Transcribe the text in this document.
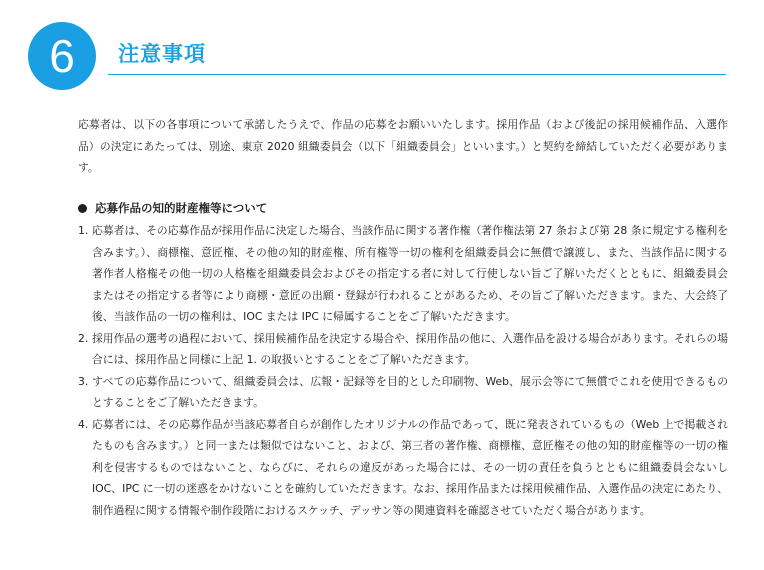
6	注意事項

応募者は、以下の各事項について承諾したうえで、作品の応募をお願いいたします。採用作品（および後記の採用候補作品、入選作品）の決定にあたっては、別途、東京 2020 組織委員会（以下「組織委員会」といいます。）と契約を締結していただく必要があります。

応募作品の知的財産権等について
1. 応募者は、その応募作品が採用作品に決定した場合、当該作品に関する著作権（著作権法第 27 条および第 28 条に規定する権利を含みます。）、商標権、意匠権、その他の知的財産権、所有権等一切の権利を組織委員会に無償で譲渡し、また、当該作品に関する著作者人格権その他一切の人格権を組織委員会およびその指定する者に対して行使しない旨ご了解いただくとともに、組織委員会またはその指定する者等により商標・意匠の出願・登録が行われることがあるため、その旨ご了解いただきます。また、大会終了後、当該作品の一切の権利は、IOC または IPC に帰属することをご了解いただきます。
2. 採用作品の選考の過程において、採用候補作品を決定する場合や、採用作品の他に、入選作品を設ける場合があります。それらの場合には、採用作品と同様に上記 1. の取扱いとすることをご了解いただきます。
3. すべての応募作品について、組織委員会は、広報・記録等を目的とした印刷物、Web、展示会等にて無償でこれを使用できるものとすることをご了解いただきます。
4. 応募者には、その応募作品が当該応募者自らが創作したオリジナルの作品であって、既に発表されているもの（Web 上で掲載されたものも含みます。）と同一または類似ではないこと、および、第三者の著作権、商標権、意匠権その他の知的財産権等の一切の権利を侵害するものではないこと、ならびに、それらの違反があった場合には、その一切の責任を負うとともに組織委員会ないし IOC、IPC に一切の迷惑をかけないことを確約していただきます。なお、採用作品または採用候補作品、入選作品の決定にあたり、制作過程に関する情報や制作段階におけるスケッチ、デッサン等の関連資料を確認させていただく場合があります。
